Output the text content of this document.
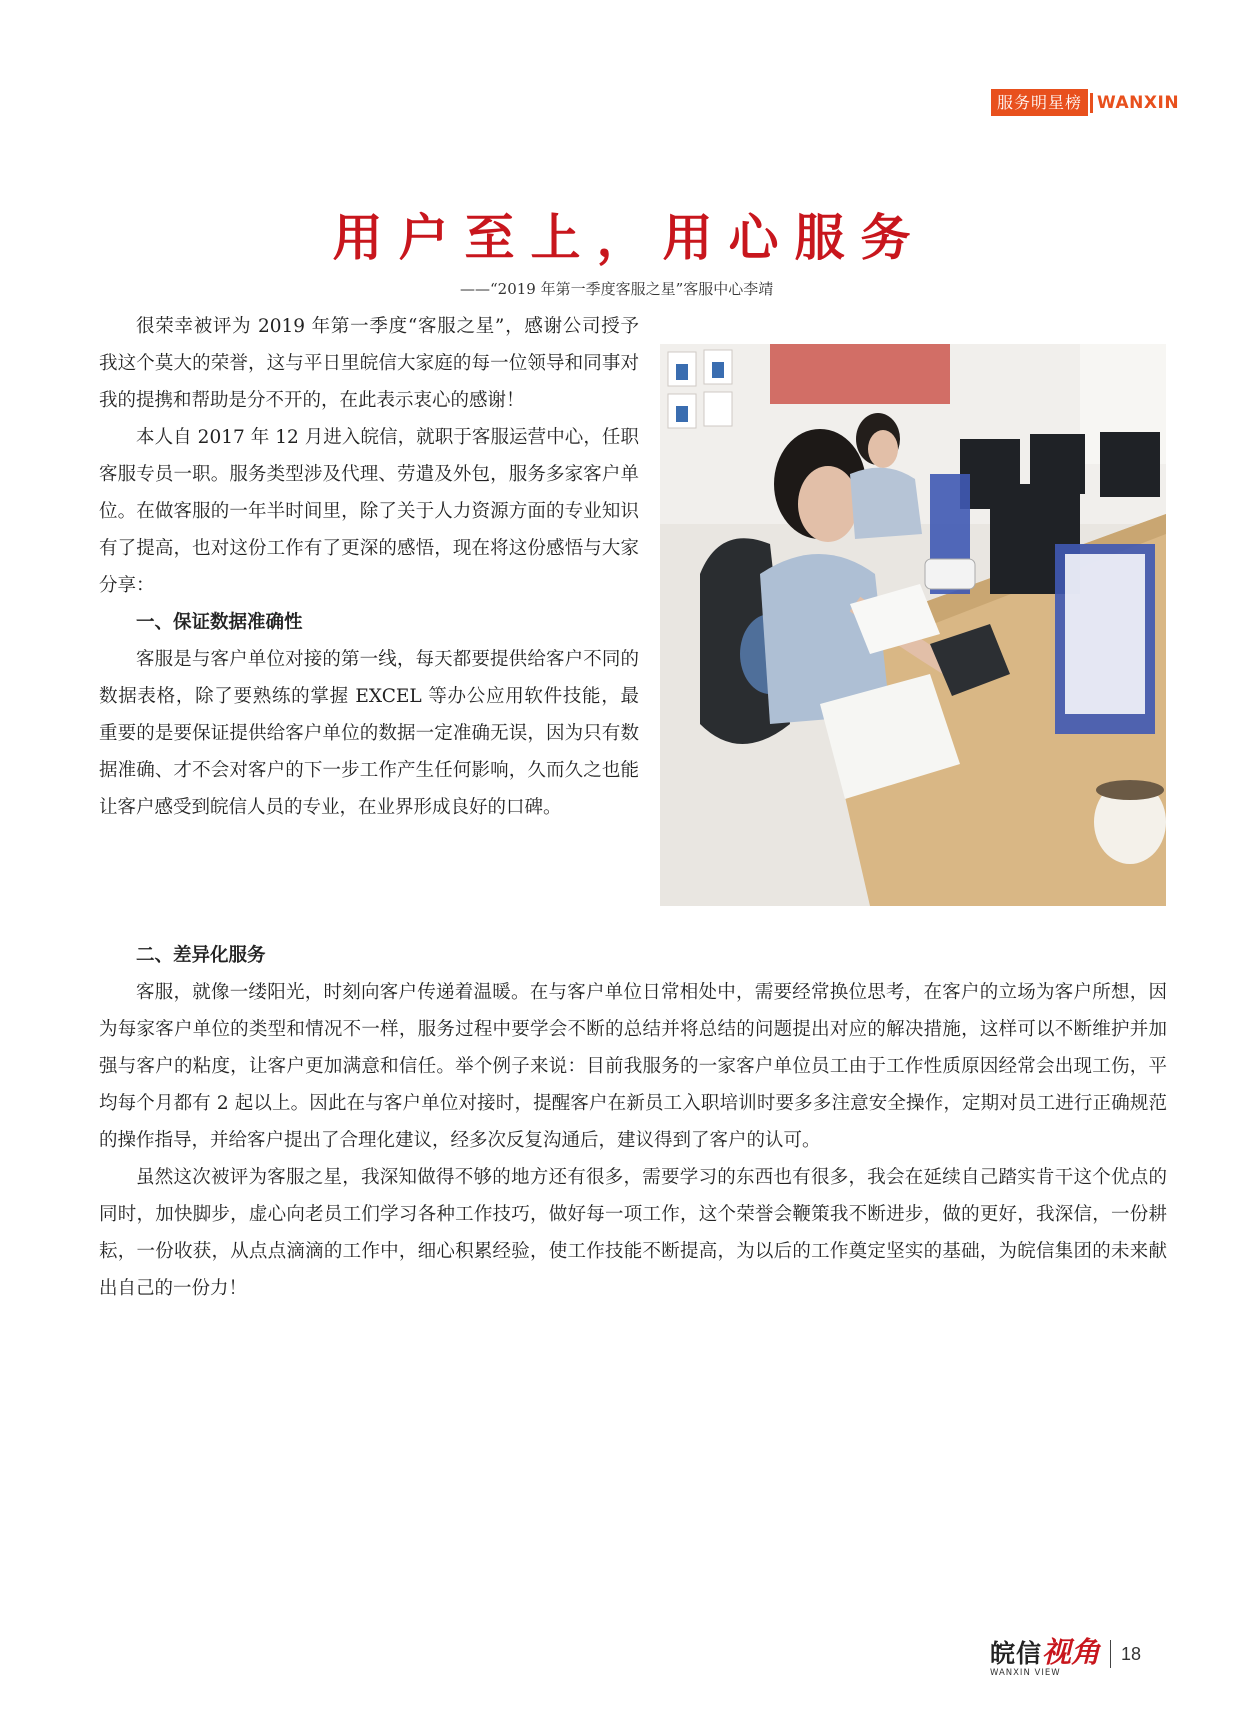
服务明星榜 WANXIN
用户至上，用心服务
——“2019 年第一季度客服之星”客服中心李靖

很荣幸被评为 2019 年第一季度“客服之星”，感谢公司授予我这个莫大的荣誉，这与平日里皖信大家庭的每一位领导和同事对我的提携和帮助是分不开的，在此表示衷心的感谢！

本人自 2017 年 12 月进入皖信，就职于客服运营中心，任职客服专员一职。服务类型涉及代理、劳遣及外包，服务多家客户单位。在做客服的一年半时间里，除了关于人力资源方面的专业知识有了提高，也对这份工作有了更深的感悟，现在将这份感悟与大家分享：

一、保证数据准确性

客服是与客户单位对接的第一线，每天都要提供给客户不同的数据表格，除了要熟练的掌握 EXCEL 等办公应用软件技能，最重要的是要保证提供给客户单位的数据一定准确无误，因为只有数据准确、才不会对客户的下一步工作产生任何影响，久而久之也能让客户感受到皖信人员的专业，在业界形成良好的口碑。

二、差异化服务

客服，就像一缕阳光，时刻向客户传递着温暖。在与客户单位日常相处中，需要经常换位思考，在客户的立场为客户所想，因为每家客户单位的类型和情况不一样，服务过程中要学会不断的总结并将总结的问题提出对应的解决措施，这样可以不断维护并加强与客户的粘度，让客户更加满意和信任。举个例子来说：目前我服务的一家客户单位员工由于工作性质原因经常会出现工伤，平均每个月都有 2 起以上。因此在与客户单位对接时，提醒客户在新员工入职培训时要多多注意安全操作，定期对员工进行正确规范的操作指导，并给客户提出了合理化建议，经多次反复沟通后，建议得到了客户的认可。

虽然这次被评为客服之星，我深知做得不够的地方还有很多，需要学习的东西也有很多，我会在延续自己踏实肯干这个优点的同时，加快脚步，虚心向老员工们学习各种工作技巧，做好每一项工作，这个荣誉会鞭策我不断进步，做的更好，我深信，一份耕耘，一份收获，从点点滴滴的工作中，细心积累经验，使工作技能不断提高，为以后的工作奠定坚实的基础，为皖信集团的未来献出自己的一份力！

皖信 视角
WANXIN VIEW
18
